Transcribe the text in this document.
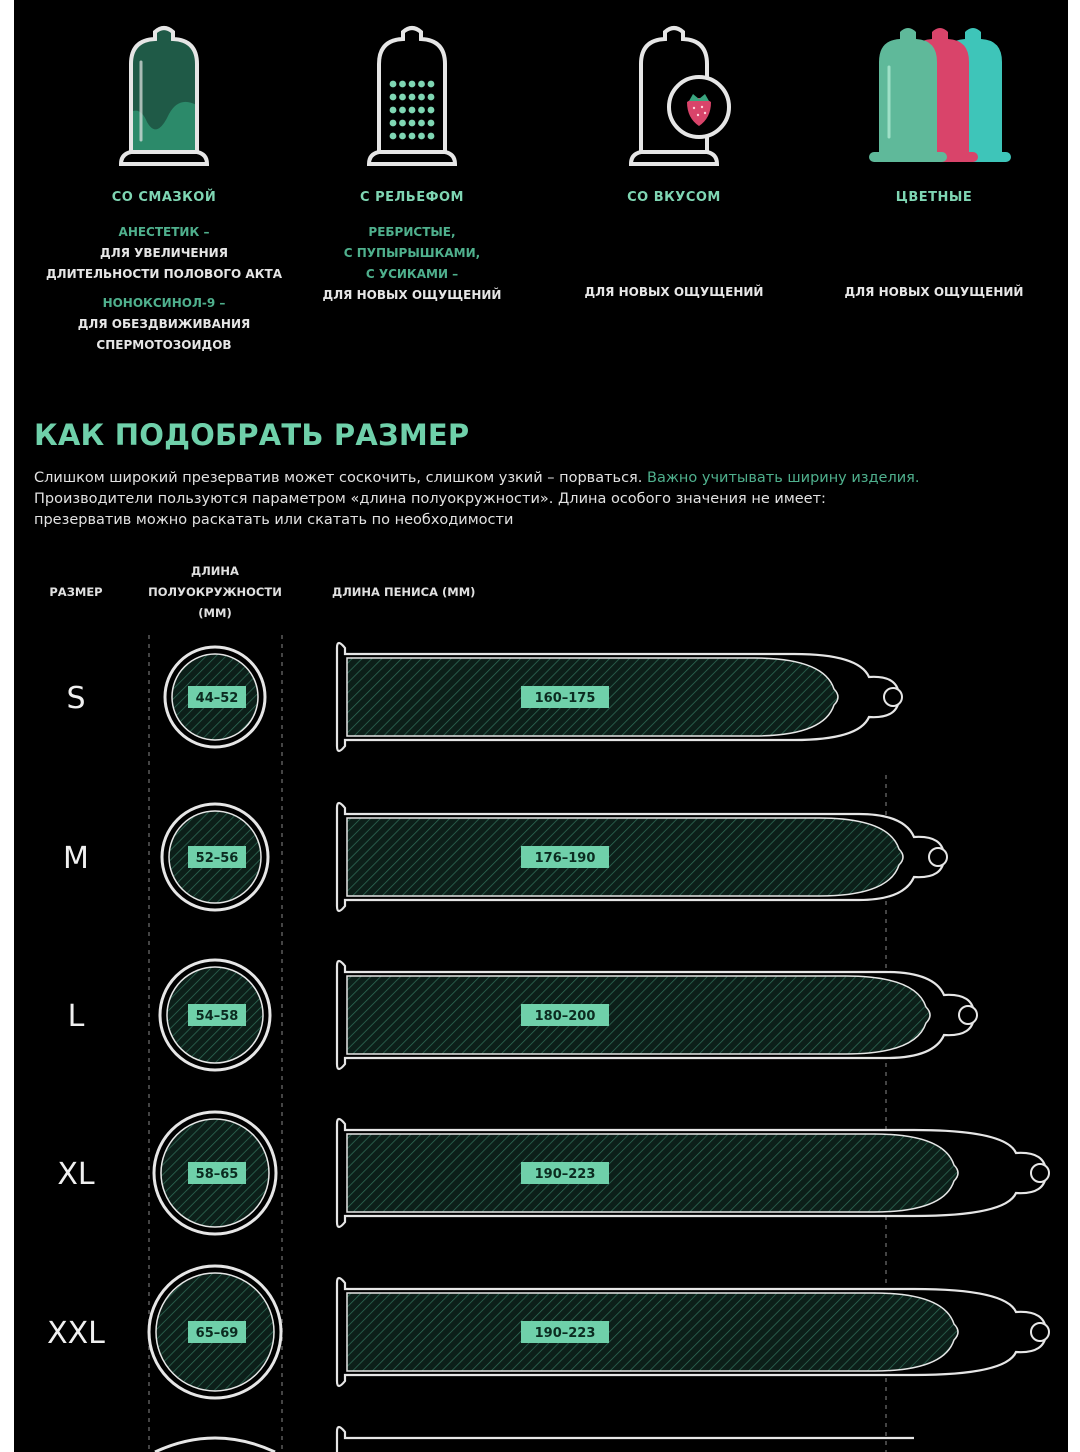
СО СМАЗКОЙ
АНЕСТЕТИК –
ДЛЯ УВЕЛИЧЕНИЯ
ДЛИТЕЛЬНОСТИ ПОЛОВОГО АКТА
НОНОКСИНОЛ-9 –
ДЛЯ ОБЕЗДВИЖИВАНИЯ
СПЕРМОТОЗОИДОВ
С РЕЛЬЕФОМ
РЕБРИСТЫЕ,
С ПУПЫРЫШКАМИ,
С УСИКАМИ –
ДЛЯ НОВЫХ ОЩУЩЕНИЙ
СО ВКУСОМ
ДЛЯ НОВЫХ ОЩУЩЕНИЙ
ЦВЕТНЫЕ
ДЛЯ НОВЫХ ОЩУЩЕНИЙ
КАК ПОДОБРАТЬ РАЗМЕР
Слишком широкий презерватив может соскочить, слишком узкий – порваться. Важно учитывать ширину изделия.
Производители пользуются параметром «длина полуокружности». Длина особого значения не имеет:
презерватив можно раскатать или скатать по необходимости
РАЗМЕР
ДЛИНА
ПОЛУОКРУЖНОСТИ
(ММ)
ДЛИНА ПЕНИСА (ММ)
S	44–52	160–175
M	52–56	176–190
L	54–58	180–200
XL	58–65	190–223
XXL	65–69	190–223
